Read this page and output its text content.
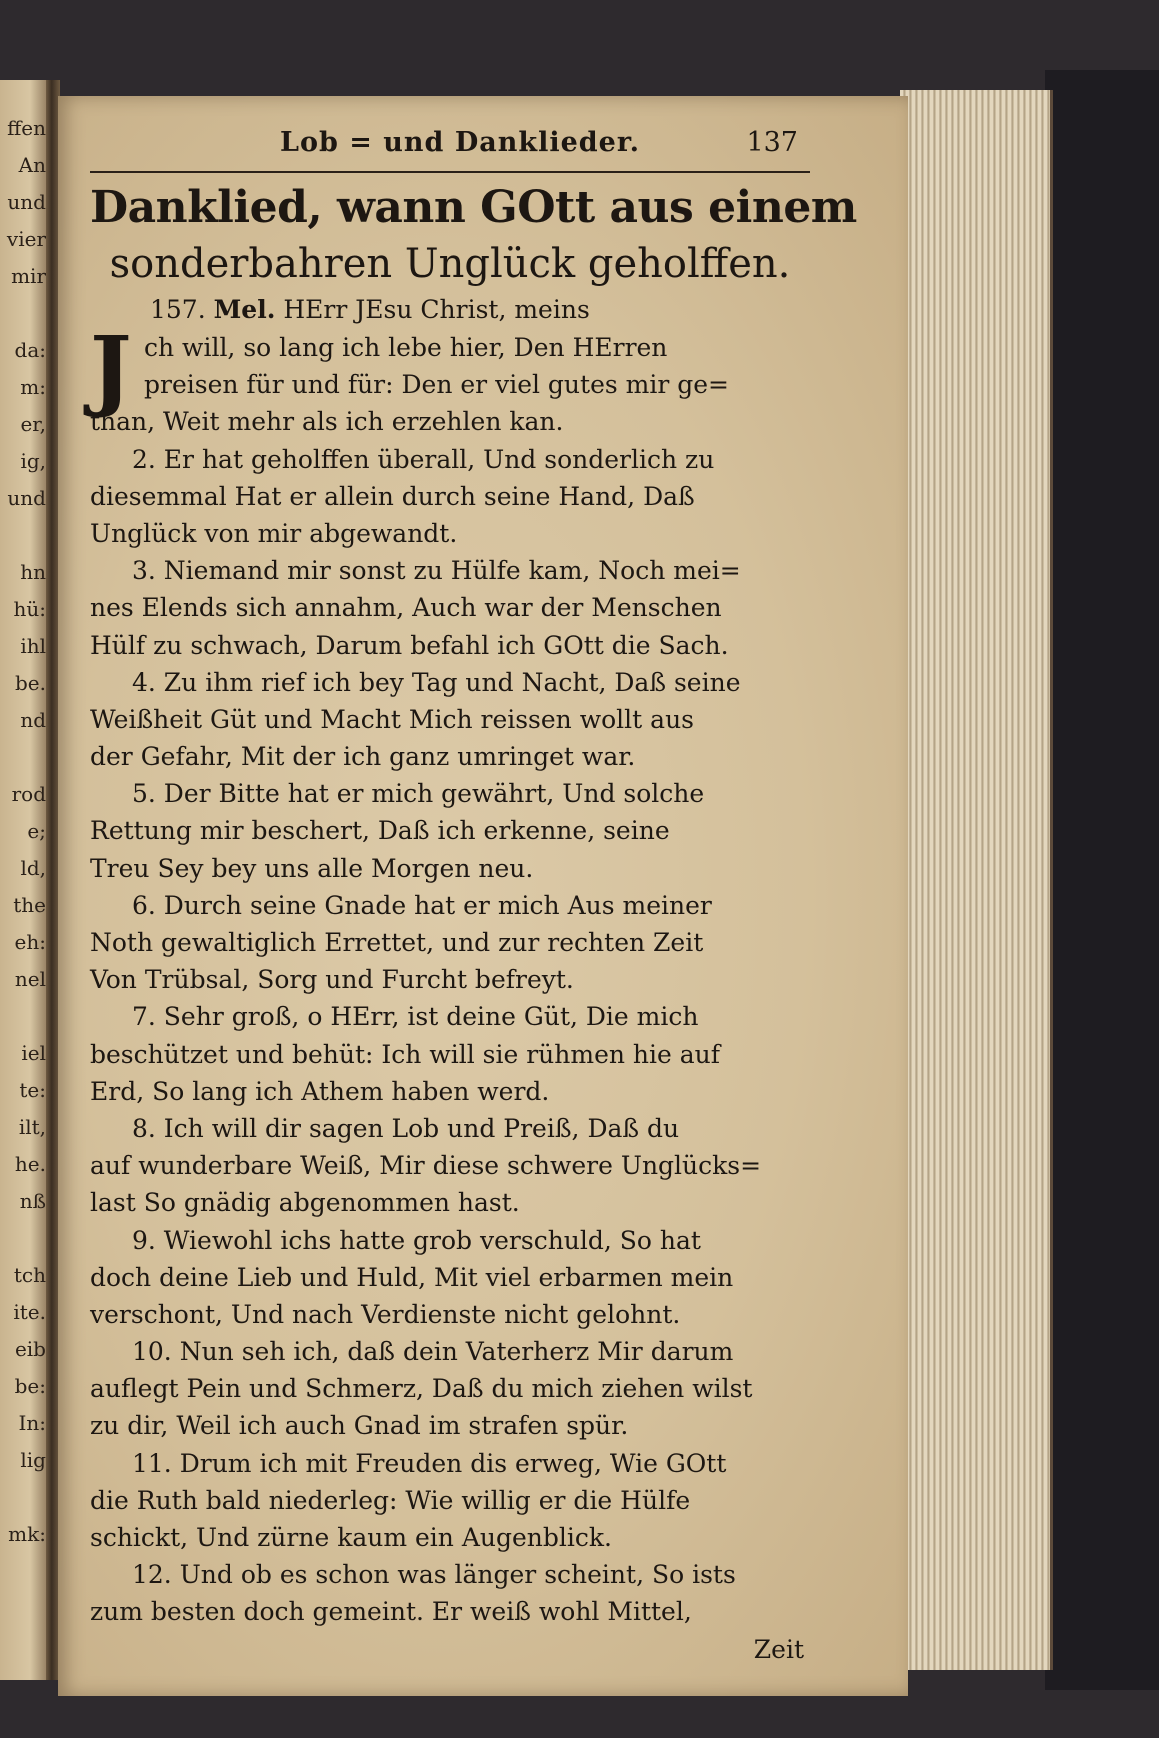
ffen
An
und
vier
mir
da:
m:
er,
ig,
und
hn
hü:
ihl
be.
nd
rod
e;
ld,
the
eh:
nel
iel
te:
ilt,
he.
nß
tch
ite.
eib
be:
In:
lig
mk:
Lob = und Danklieder.	137
Danklied, wann GOtt aus einem
sonderbahren Unglück geholffen.
157. Mel. HErr JEsu Christ, meins
J ch will, so lang ich lebe hier, Den HErren
preisen für und für: Den er viel gutes mir ge=
than, Weit mehr als ich erzehlen kan.
2. Er hat geholffen überall, Und sonderlich zu
diesemmal Hat er allein durch seine Hand, Daß
Unglück von mir abgewandt.
3. Niemand mir sonst zu Hülfe kam, Noch mei=
nes Elends sich annahm, Auch war der Menschen
Hülf zu schwach, Darum befahl ich GOtt die Sach.
4. Zu ihm rief ich bey Tag und Nacht, Daß seine
Weißheit Güt und Macht Mich reissen wollt aus
der Gefahr, Mit der ich ganz umringet war.
5. Der Bitte hat er mich gewährt, Und solche
Rettung mir beschert, Daß ich erkenne, seine
Treu Sey bey uns alle Morgen neu.
6. Durch seine Gnade hat er mich Aus meiner
Noth gewaltiglich Errettet, und zur rechten Zeit
Von Trübsal, Sorg und Furcht befreyt.
7. Sehr groß, o HErr, ist deine Güt, Die mich
beschützet und behüt: Ich will sie rühmen hie auf
Erd, So lang ich Athem haben werd.
8. Ich will dir sagen Lob und Preiß, Daß du
auf wunderbare Weiß, Mir diese schwere Unglücks=
last So gnädig abgenommen hast.
9. Wiewohl ichs hatte grob verschuld, So hat
doch deine Lieb und Huld, Mit viel erbarmen mein
verschont, Und nach Verdienste nicht gelohnt.
10. Nun seh ich, daß dein Vaterherz Mir darum
auflegt Pein und Schmerz, Daß du mich ziehen wilst
zu dir, Weil ich auch Gnad im strafen spür.
11. Drum ich mit Freuden dis erweg, Wie GOtt
die Ruth bald niederleg: Wie willig er die Hülfe
schickt, Und zürne kaum ein Augenblick.
12. Und ob es schon was länger scheint, So ists
zum besten doch gemeint. Er weiß wohl Mittel,
Zeit
